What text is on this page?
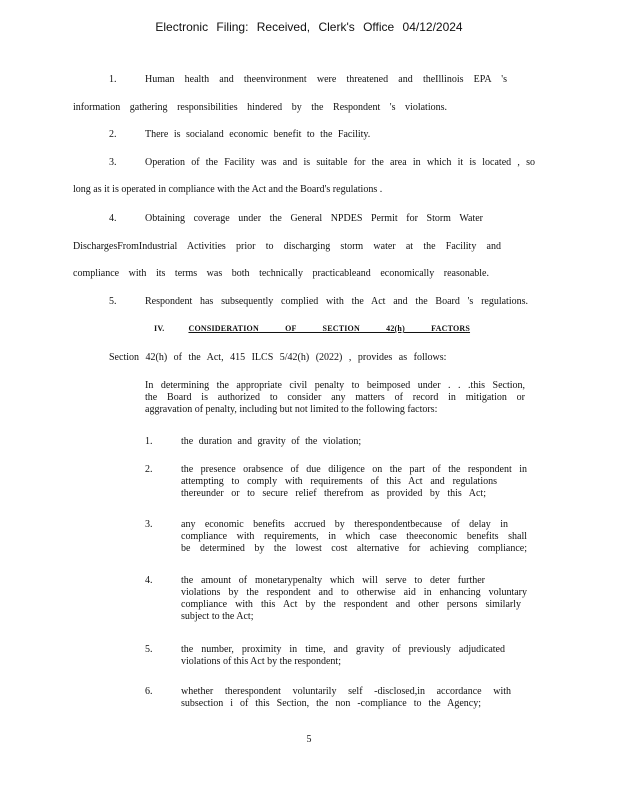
Electronic Filing: Received, Clerk's Office 04/12/2024
1.	Human health and theenvironment were threatened and theIllinois EPA 's
information gathering responsibilities hindered by the Respondent 's violations.
2.	There is socialand economic benefit to the Facility.
3.	Operation of the Facility was and is suitable for the area in which it is located , so
long as it is operated in compliance with the Act and the Board's regulations .
4.	Obtaining coverage under the General NPDES Permit for Storm Water
DischargesFromIndustrial Activities prior to discharging storm water at the Facility and
compliance with its terms was both technically practicableand economically reasonable.
5.	Respondent has subsequently complied with the Act and the Board 's regulations.
IV.	CONSIDERATION OF SECTION 42(h) FACTORS
Section 42(h) of the Act, 415 ILCS 5/42(h) (2022) , provides as follows:
In determining the appropriate civil penalty to beimposed under . . .this Section,
the Board is authorized to consider any matters of record in mitigation or
aggravation of penalty, including but not limited to the following factors:
1.	the duration and gravity of the violation;
2.	the presence orabsence of due diligence on the part of the respondent in
attempting to comply with requirements of this Act and regulations
thereunder or to secure relief therefrom as provided by this Act;
3.	any economic benefits accrued by therespondentbecause of delay in
compliance with requirements, in which case theeconomic benefits shall
be determined by the lowest cost alternative for achieving compliance;
4.	the amount of monetarypenalty which will serve to deter further
violations by the respondent and to otherwise aid in enhancing voluntary
compliance with this Act by the respondent and other persons similarly
subject to the Act;
5.	the number, proximity in time, and gravity of previously adjudicated
violations of this Act by the respondent;
6.	whether therespondent voluntarily self -disclosed,in accordance with
subsection i of this Section, the non -compliance to the Agency;
5
